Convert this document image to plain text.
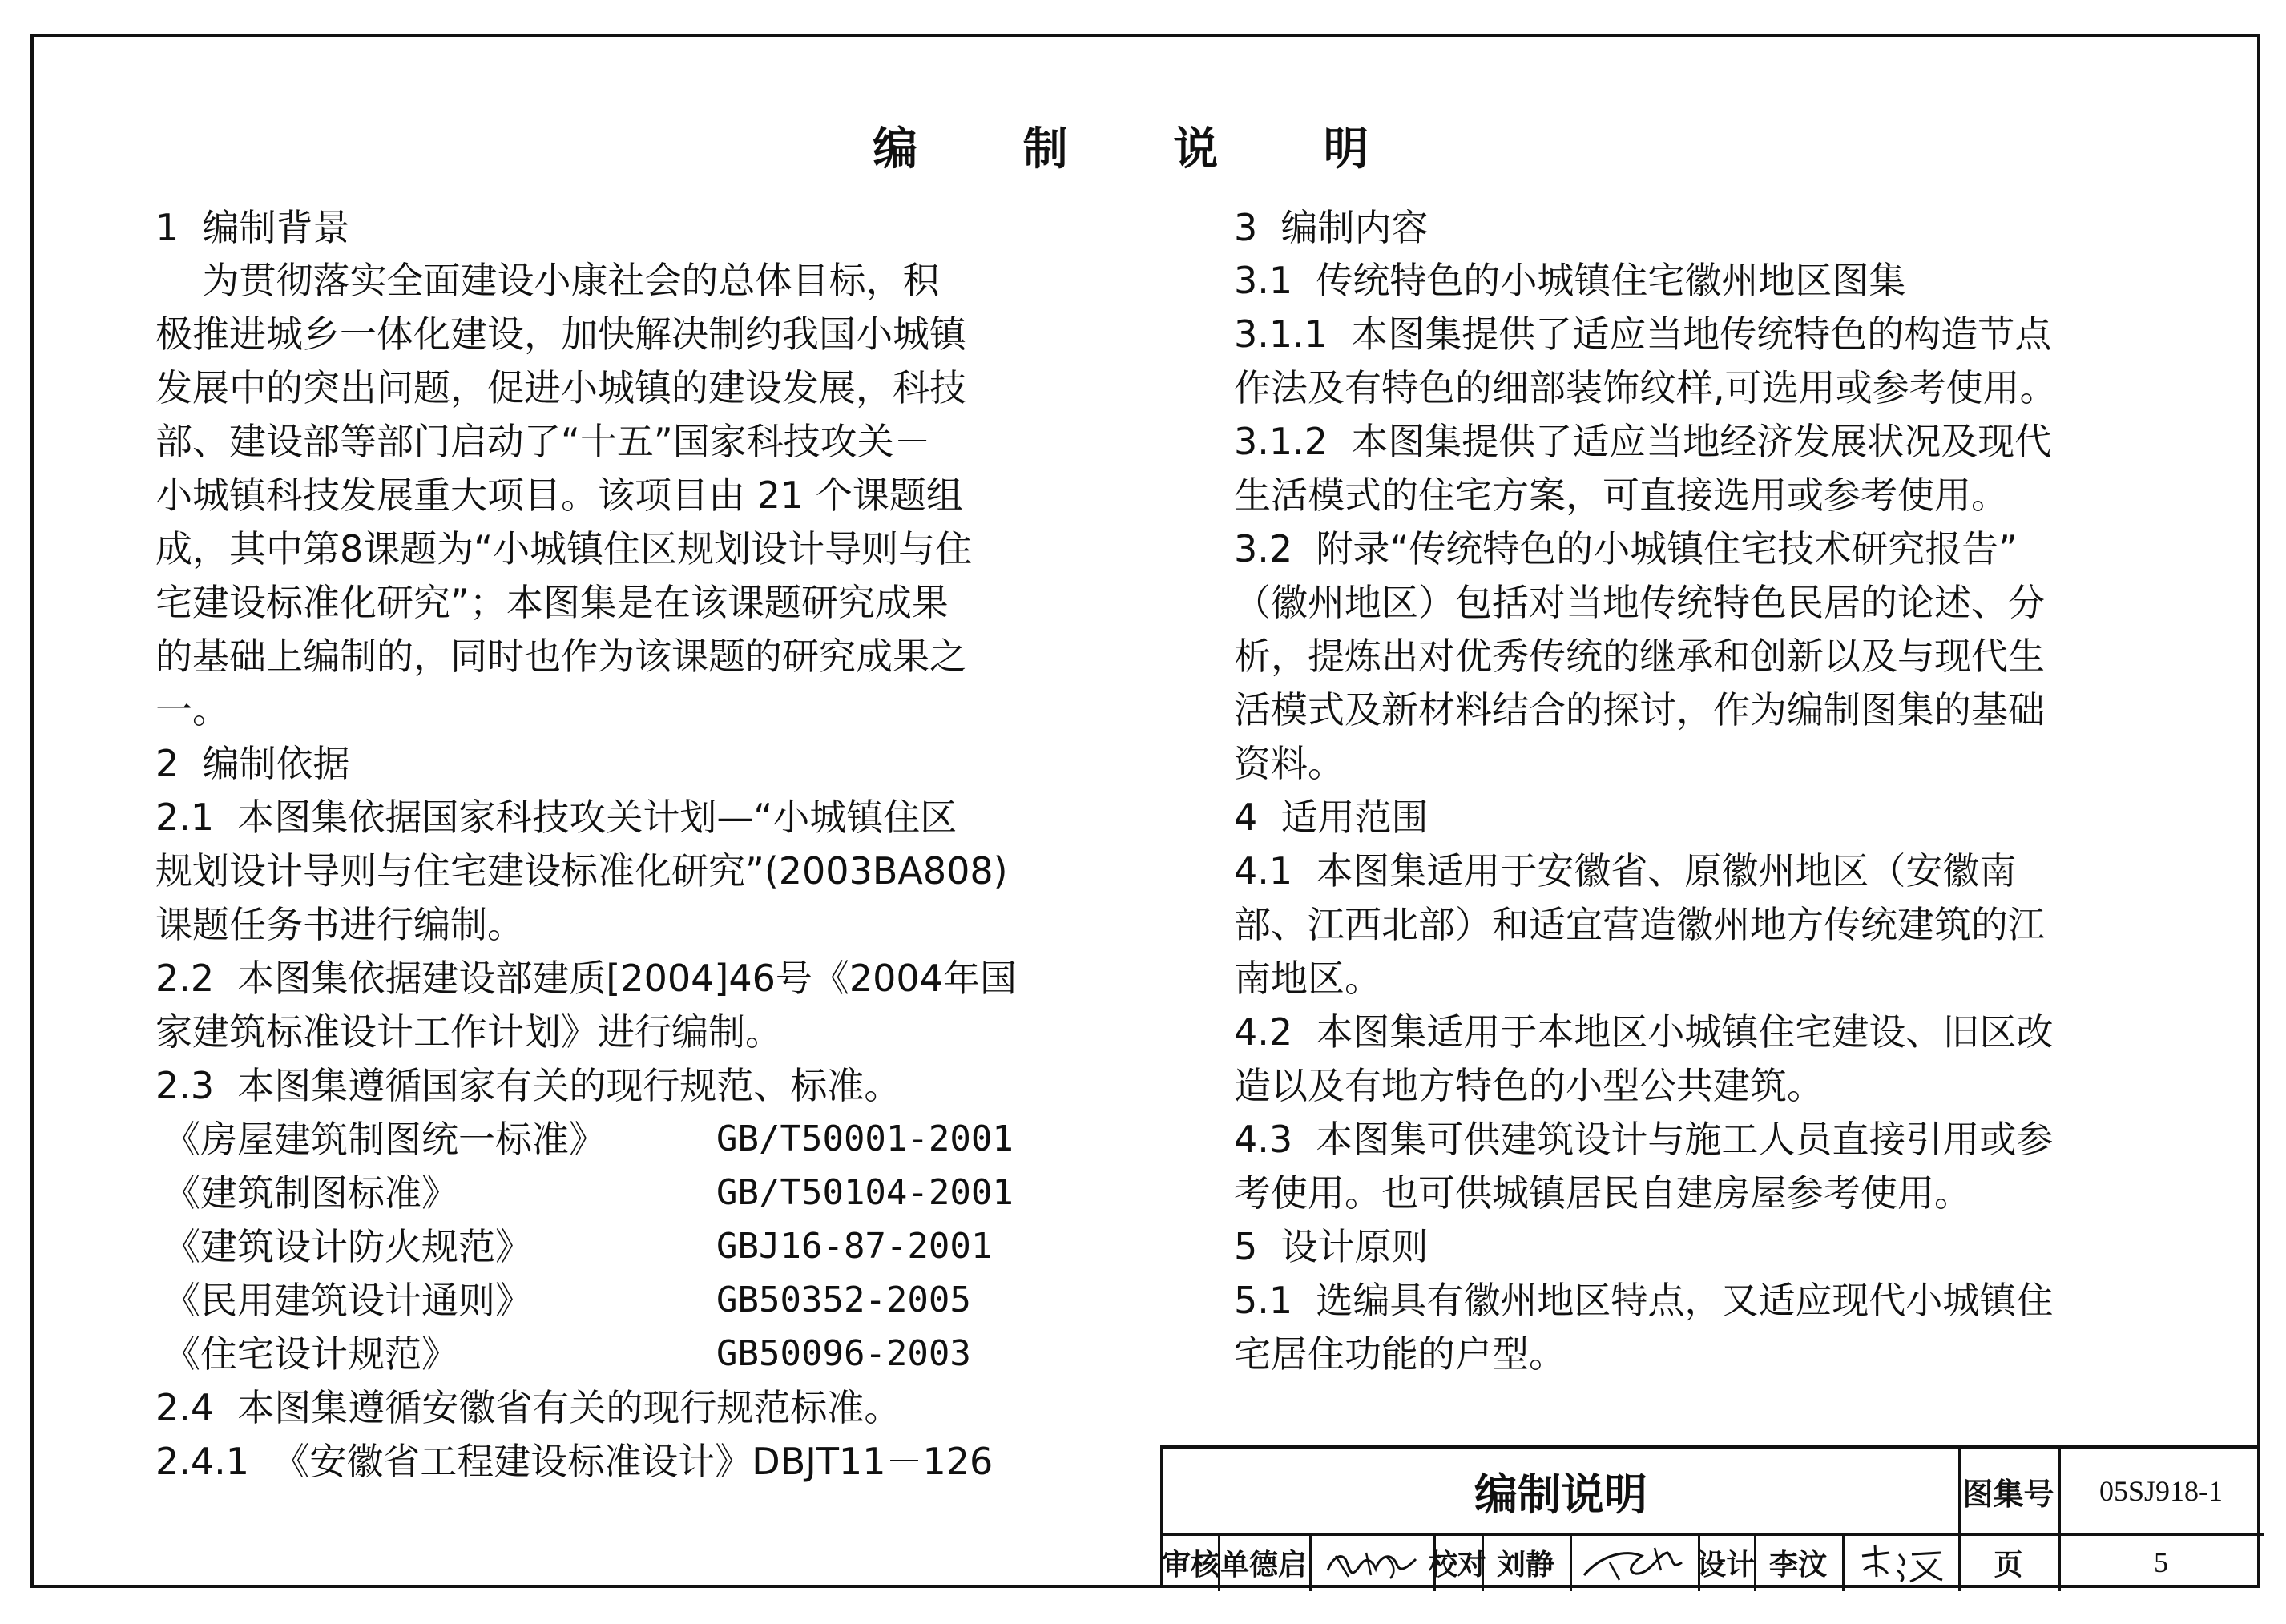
编 制 说 明
1  编制背景
为贯彻落实全面建设小康社会的总体目标，积
极推进城乡一体化建设，加快解决制约我国小城镇
发展中的突出问题，促进小城镇的建设发展，科技
部、建设部等部门启动了“十五”国家科技攻关－
小城镇科技发展重大项目。该项目由 21 个课题组
成，其中第8课题为“小城镇住区规划设计导则与住
宅建设标准化研究”；本图集是在该课题研究成果
的基础上编制的，同时也作为该课题的研究成果之
一。
2  编制依据
2.1  本图集依据国家科技攻关计划—“小城镇住区
规划设计导则与住宅建设标准化研究”(2003BA808)
课题任务书进行编制。
2.2  本图集依据建设部建质[2004]46号《2004年国
家建筑标准设计工作计划》进行编制。
2.3  本图集遵循国家有关的现行规范、标准。
《房屋建筑制图统一标准》	GB/T50001-2001
《建筑制图标准》	GB/T50104-2001
《建筑设计防火规范》	GBJ16-87-2001
《民用建筑设计通则》	GB50352-2005
《住宅设计规范》	GB50096-2003
2.4  本图集遵循安徽省有关的现行规范标准。
2.4.1  《安徽省工程建设标准设计》DBJT11－126
3  编制内容
3.1  传统特色的小城镇住宅徽州地区图集
3.1.1  本图集提供了适应当地传统特色的构造节点
作法及有特色的细部装饰纹样,可选用或参考使用。
3.1.2  本图集提供了适应当地经济发展状况及现代
生活模式的住宅方案，可直接选用或参考使用。
3.2  附录“传统特色的小城镇住宅技术研究报告”
（徽州地区）包括对当地传统特色民居的论述、分
析，提炼出对优秀传统的继承和创新以及与现代生
活模式及新材料结合的探讨，作为编制图集的基础
资料。
4  适用范围
4.1  本图集适用于安徽省、原徽州地区（安徽南
部、江西北部）和适宜营造徽州地方传统建筑的江
南地区。
4.2  本图集适用于本地区小城镇住宅建设、旧区改
造以及有地方特色的小型公共建筑。
4.3  本图集可供建筑设计与施工人员直接引用或参
考使用。也可供城镇居民自建房屋参考使用。
5  设计原则
5.1  选编具有徽州地区特点，又适应现代小城镇住
宅居住功能的户型。
编制说明	图集号	05SJ918-1
审核 单德启	校对 刘静	设计 李汶	页	5
